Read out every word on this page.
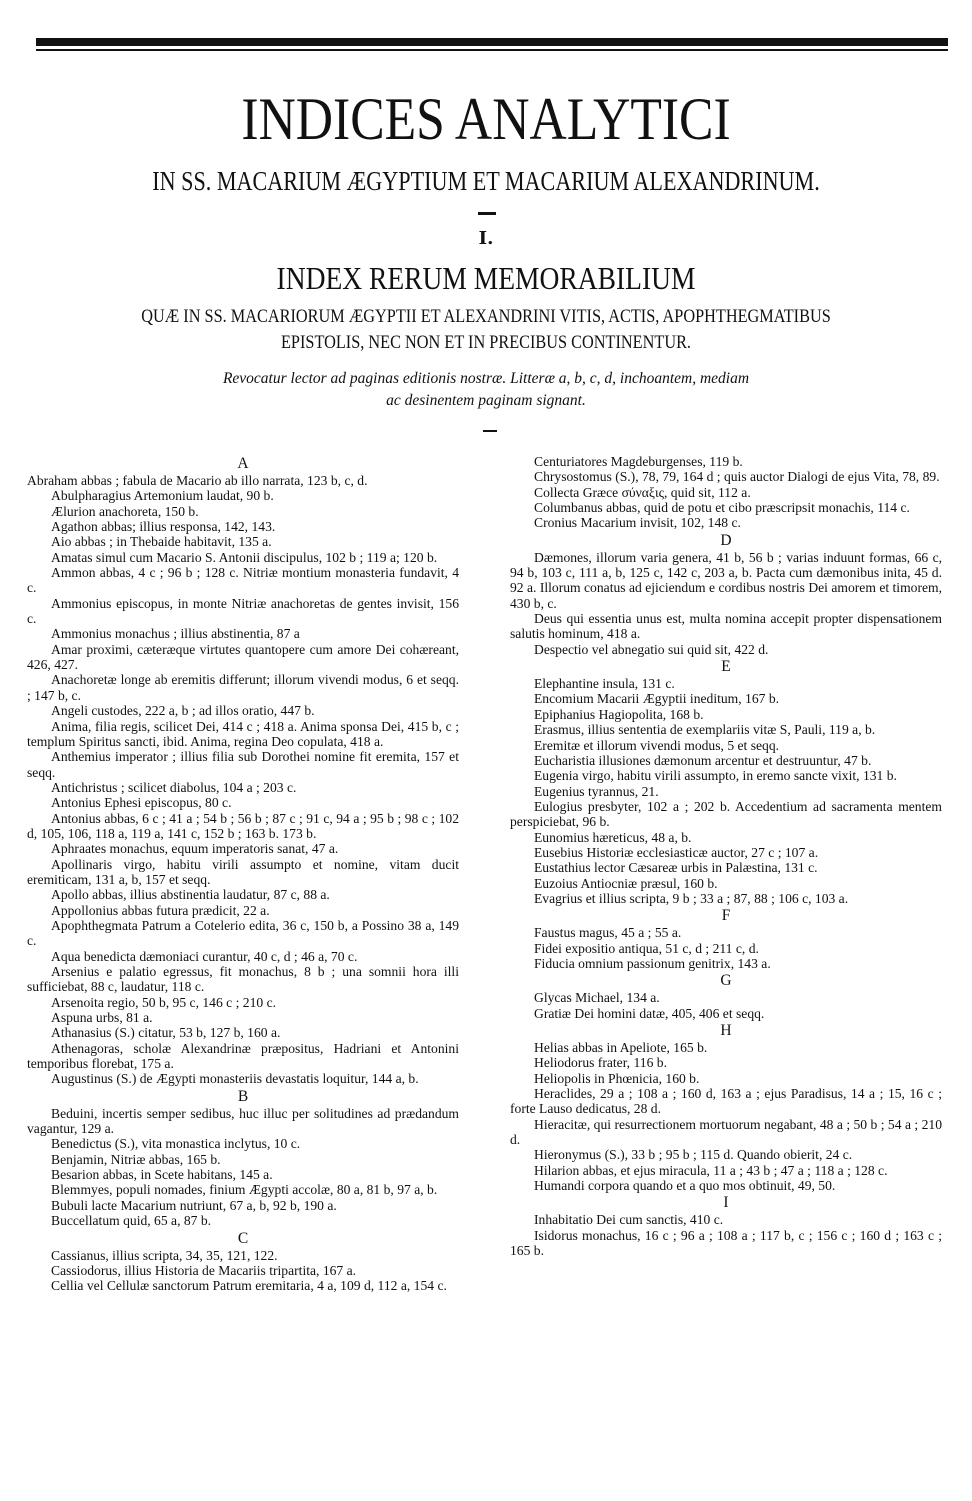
INDICES ANALYTICI
IN SS. MACARIUM ÆGYPTIUM ET MACARIUM ALEXANDRINUM.
I.
INDEX RERUM MEMORABILIUM
QUÆ IN SS. MACARIORUM ÆGYPTII ET ALEXANDRINI VITIS, ACTIS, APOPHTHEGMATIBUS
EPISTOLIS, NEC NON ET IN PRECIBUS CONTINENTUR.
Revocatur lector ad paginas editionis nostræ. Litteræ a, b, c, d, inchoantem, mediam
ac desinentem paginam signant.
A
Abraham abbas ; fabula de Macario ab illo narrata, 123 b, c, d.
Abulpharagius Artemonium laudat, 90 b.
Ælurion anachoreta, 150 b.
Agathon abbas; illius responsa, 142, 143.
Aio abbas ; in Thebaide habitavit, 135 a.
Amatas simul cum Macario S. Antonii discipulus, 102 b ; 119 a; 120 b.
Ammon abbas, 4 c ; 96 b ; 128 c. Nitriæ montium monasteria fundavit, 4 c.
Ammonius episcopus, in monte Nitriæ anachoretas de gentes invisit, 156 c.
Ammonius monachus ; illius abstinentia, 87 a
Amar proximi, cæteræque virtutes quantopere cum amore Dei cohæreant, 426, 427.
Anachoretæ longe ab eremitis differunt; illorum vivendi modus, 6 et seqq. ; 147 b, c.
Angeli custodes, 222 a, b ; ad illos oratio, 447 b.
Anima, filia regis, scilicet Dei, 414 c ; 418 a. Anima sponsa Dei, 415 b, c ; templum Spiritus sancti, ibid. Anima, regina Deo copulata, 418 a.
Anthemius imperator ; illius filia sub Dorothei nomine fit eremita, 157 et seqq.
Antichristus ; scilicet diabolus, 104 a ; 203 c.
Antonius Ephesi episcopus, 80 c.
Antonius abbas, 6 c ; 41 a ; 54 b ; 56 b ; 87 c ; 91 c, 94 a ; 95 b ; 98 c ; 102 d, 105, 106, 118 a, 119 a, 141 c, 152 b ; 163 b. 173 b.
Aphraates monachus, equum imperatoris sanat, 47 a.
Apollinaris virgo, habitu virili assumpto et nomine, vitam ducit eremiticam, 131 a, b, 157 et seqq.
Apollo abbas, illius abstinentia laudatur, 87 c, 88 a.
Appollonius abbas futura prædicit, 22 a.
Apophthegmata Patrum a Cotelerio edita, 36 c, 150 b, a Possino 38 a, 149 c.
Aqua benedicta dæmoniaci curantur, 40 c, d ; 46 a, 70 c.
Arsenius e palatio egressus, fit monachus, 8 b ; una somnii hora illi sufficiebat, 88 c, laudatur, 118 c.
Arsenoita regio, 50 b, 95 c, 146 c ; 210 c.
Aspuna urbs, 81 a.
Athanasius (S.) citatur, 53 b, 127 b, 160 a.
Athenagoras, scholæ Alexandrinæ præpositus, Hadriani et Antonini temporibus florebat, 175 a.
Augustinus (S.) de Ægypti monasteriis devastatis loquitur, 144 a, b.
B
Beduini, incertis semper sedibus, huc illuc per solitudines ad prædandum vagantur, 129 a.
Benedictus (S.), vita monastica inclytus, 10 c.
Benjamin, Nitriæ abbas, 165 b.
Besarion abbas, in Scete habitans, 145 a.
Blemmyes, populi nomades, finium Ægypti accolæ, 80 a, 81 b, 97 a, b.
Bubuli lacte Macarium nutriunt, 67 a, b, 92 b, 190 a.
Buccellatum quid, 65 a, 87 b.
C
Cassianus, illius scripta, 34, 35, 121, 122.
Cassiodorus, illius Historia de Macariis tripartita, 167 a.
Cellia vel Cellulæ sanctorum Patrum eremitaria, 4 a, 109 d, 112 a, 154 c.
Centuriatores Magdeburgenses, 119 b.
Chrysostomus (S.), 78, 79, 164 d ; quis auctor Dialogi de ejus Vita, 78, 89.
Collecta Græce σύναξις, quid sit, 112 a.
Columbanus abbas, quid de potu et cibo præscripsit monachis, 114 c.
Cronius Macarium invisit, 102, 148 c.
D
Dæmones, illorum varia genera, 41 b, 56 b ; varias induunt formas, 66 c, 94 b, 103 c, 111 a, b, 125 c, 142 c, 203 a, b. Pacta cum dæmonibus inita, 45 d. 92 a. Illorum conatus ad ejiciendum e cordibus nostris Dei amorem et timorem, 430 b, c.
Deus qui essentia unus est, multa nomina accepit propter dispensationem salutis hominum, 418 a.
Despectio vel abnegatio sui quid sit, 422 d.
E
Elephantine insula, 131 c.
Encomium Macarii Ægyptii ineditum, 167 b.
Epiphanius Hagiopolita, 168 b.
Erasmus, illius sententia de exemplariis vitæ S, Pauli, 119 a, b.
Eremitæ et illorum vivendi modus, 5 et seqq.
Eucharistia illusiones dæmonum arcentur et destruuntur, 47 b.
Eugenia virgo, habitu virili assumpto, in eremo sancte vixit, 131 b.
Eugenius tyrannus, 21.
Eulogius presbyter, 102 a ; 202 b. Accedentium ad sacramenta mentem perspiciebat, 96 b.
Eunomius hæreticus, 48 a, b.
Eusebius Historiæ ecclesiasticæ auctor, 27 c ; 107 a.
Eustathius lector Cæsareæ urbis in Palæstina, 131 c.
Euzoius Antiocniæ præsul, 160 b.
Evagrius et illius scripta, 9 b ; 33 a ; 87, 88 ; 106 c, 103 a.
F
Faustus magus, 45 a ; 55 a.
Fidei expositio antiqua, 51 c, d ; 211 c, d.
Fiducia omnium passionum genitrix, 143 a.
G
Glycas Michael, 134 a.
Gratiæ Dei homini datæ, 405, 406 et seqq.
H
Helias abbas in Apeliote, 165 b.
Heliodorus frater, 116 b.
Heliopolis in Phœnicia, 160 b.
Heraclides, 29 a ; 108 a ; 160 d, 163 a ; ejus Paradisus, 14 a ; 15, 16 c ; forte Lauso dedicatus, 28 d.
Hieracitæ, qui resurrectionem mortuorum negabant, 48 a ; 50 b ; 54 a ; 210 d.
Hieronymus (S.), 33 b ; 95 b ; 115 d. Quando obierit, 24 c.
Hilarion abbas, et ejus miracula, 11 a ; 43 b ; 47 a ; 118 a ; 128 c.
Humandi corpora quando et a quo mos obtinuit, 49, 50.
I
Inhabitatio Dei cum sanctis, 410 c.
Isidorus monachus, 16 c ; 96 a ; 108 a ; 117 b, c ; 156 c ; 160 d ; 163 c ; 165 b.
